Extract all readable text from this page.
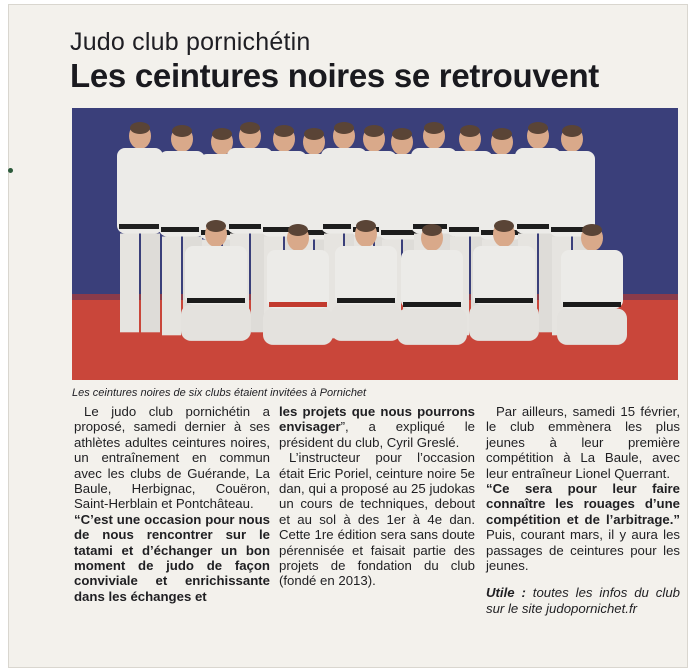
Judo club pornichétin
Les ceintures noires se retrouvent
Les ceintures noires de six clubs étaient invitées à Pornichet

Le judo club pornichétin a proposé, samedi dernier à ses athlètes adultes ceintures noires, un entraînement en commun avec les clubs de Guérande, La Baule, Herbignac, Couëron, Saint-Herblain et Pontchâteau.

“C’est une occasion pour nous de nous rencontrer sur le tatami et d’échanger un bon moment de judo de façon conviviale et enrichissante dans les échanges et

les projets que nous pourrons envisager”, a expliqué le président du club, Cyril Greslé.

L’instructeur pour l’occasion était Eric Poriel, ceinture noire 5e dan, qui a proposé au 25 judokas un cours de techniques, debout et au sol à des 1er à 4e dan. Cette 1re édition sera sans doute pérennisée et faisait partie des projets de fondation du club (fondé en 2013).

Par ailleurs, samedi 15 février, le club emmènera les plus jeunes à leur première compétition à La Baule, avec leur entraîneur Lionel Querrant.

“Ce sera pour leur faire connaître les rouages d’une compétition et de l’arbitrage.” Puis, courant mars, il y aura les passages de ceintures pour les jeunes.

Utile : toutes les infos du club sur le site judopornichet.fr
